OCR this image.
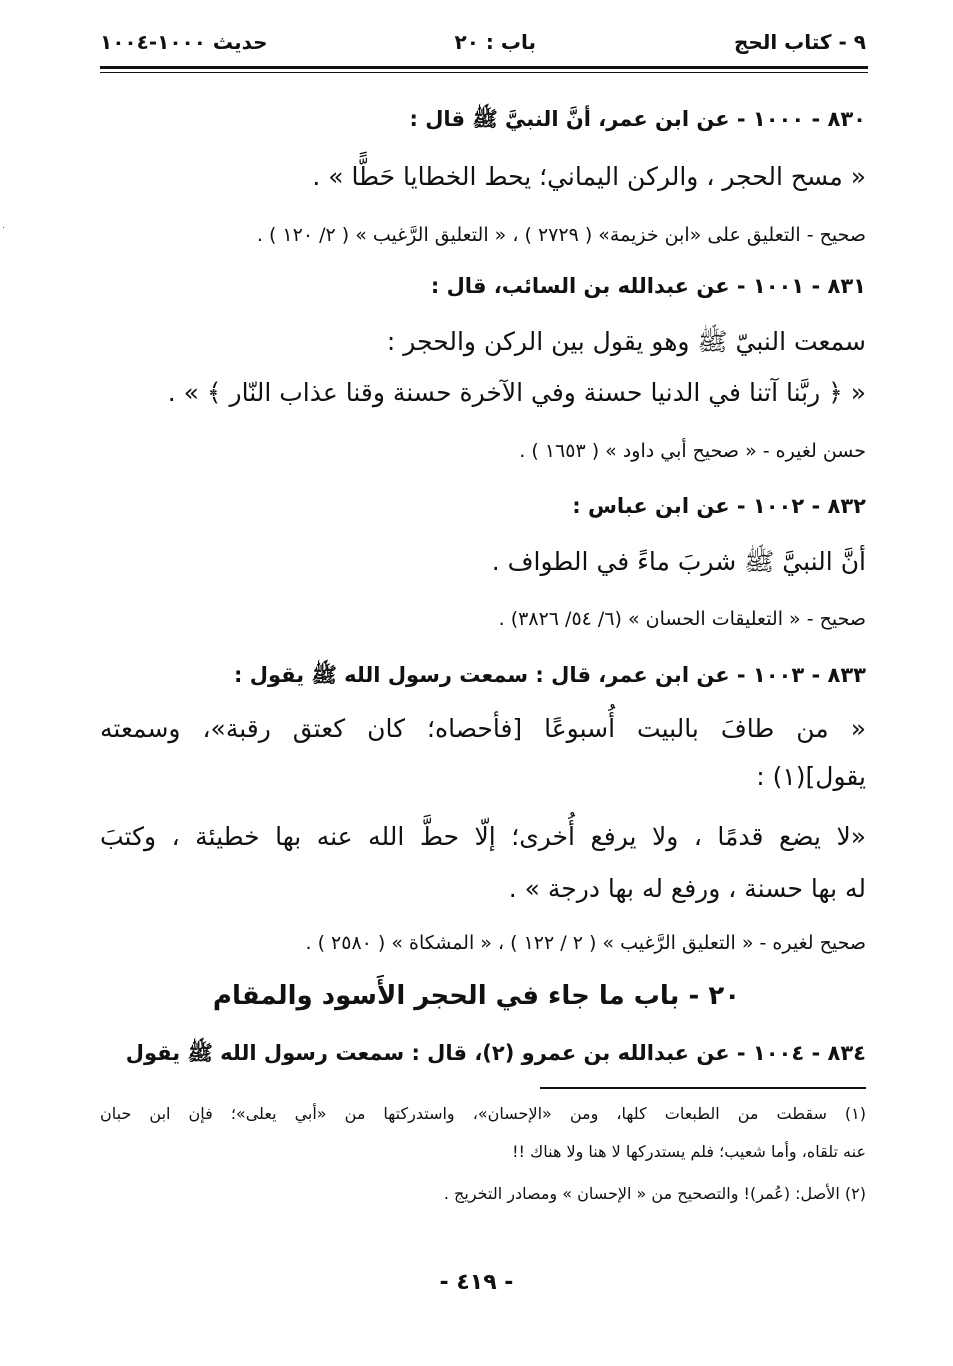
٩ - كتاب الحج
باب : ٢٠
حديث ١٠٠٠-١٠٠٤
٨٣٠ - ١٠٠٠ - عن ابن عمر، أنَّ النبيَّ ﷺ قال :
« مسح الحجر ، والركن اليماني؛ يحط الخطايا حَطًّا » .
صحيح - التعليق على «ابن خزيمة» ( ٢٧٢٩ ) ، « التعليق الرَّغيب » ( ٢/ ١٢٠ ) .
٨٣١ - ١٠٠١ - عن عبدالله بن السائب، قال :
سمعت النبيّ ﷺ وهو يقول بين الركن والحجر :
« ﴿ ربَّنا آتنا في الدنيا حسنة وفي الآخرة حسنة وقنا عذاب النّار ﴾ » .
حسن لغيره - « صحيح أبي داود » ( ١٦٥٣ ) .
٨٣٢ - ١٠٠٢ - عن ابن عباس :
أنَّ النبيَّ ﷺ شربَ ماءً في الطواف .
صحيح - « التعليقات الحسان » (٦/ ٥٤/ ٣٨٢٦) .
٨٣٣ - ١٠٠٣ - عن ابن عمر، قال : سمعت رسول الله ﷺ يقول :
« من طافَ بالبيت أُسبوعًا [فأحصاه؛ كان كعتق رقبة»، وسمعته
يقول](١) :
«لا يضع قدمًا ، ولا يرفع أُخرى؛ إلّا حطَّ الله عنه بها خطيئة ، وكتبَ
له بها حسنة ، ورفع له بها درجة » .
صحيح لغيره - « التعليق الرَّغيب » ( ٢ / ١٢٢ ) ، « المشكاة » ( ٢٥٨٠ ) .
٢٠ - باب ما جاء في الحجر الأَسود والمقام
٨٣٤ - ١٠٠٤ - عن عبدالله بن عمرو (٢)، قال : سمعت رسول الله ﷺ يقول
(١) سقطت من الطبعات كلها، ومن «الإحسان»، واستدركتها من «أبي يعلى»؛ فإن ابن حبان
عنه تلقاه، وأما شعيب؛ فلم يستدركها لا هنا ولا هناك !!
(٢) الأصل: (عُمر)! والتصحيح من « الإحسان » ومصادر التخريج .
- ٤١٩ -
.
